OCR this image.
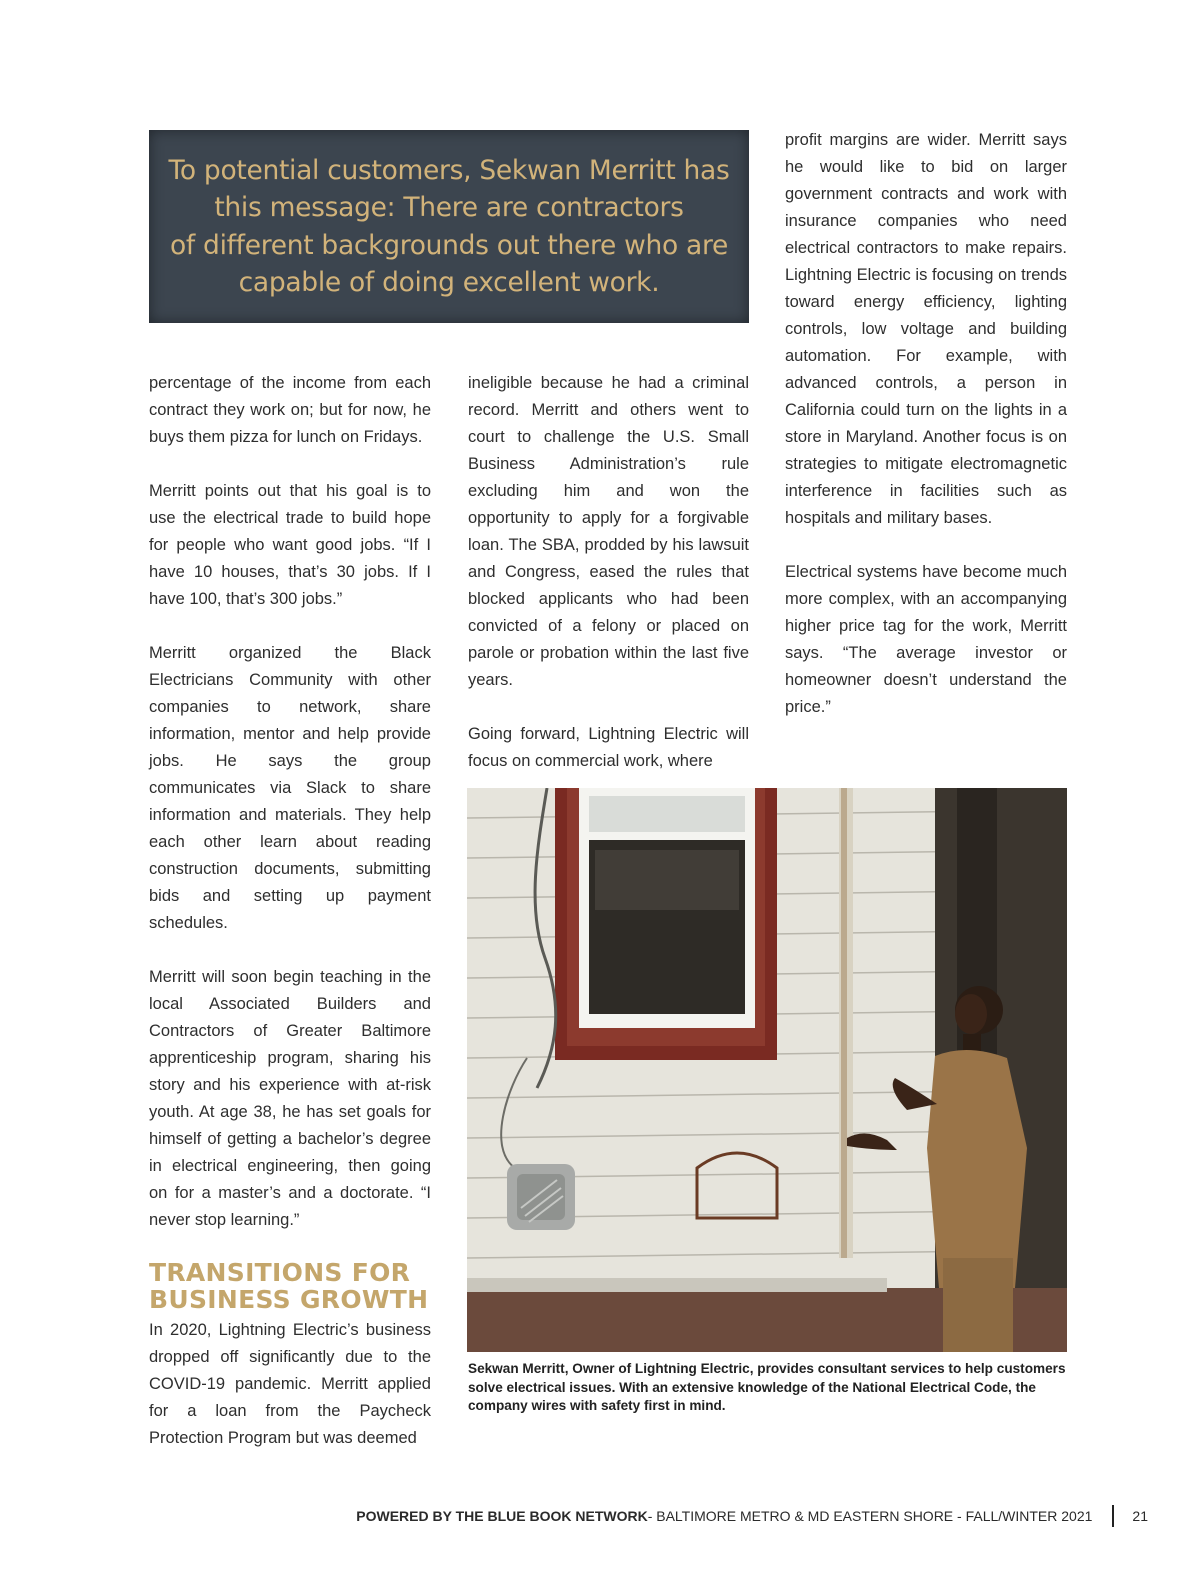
To potential customers, Sekwan Merritt has
this message: There are contractors
of different backgrounds out there who are
capable of doing excellent work.

percentage of the income from each contract they work on; but for now, he buys them pizza for lunch on Fridays.

Merritt points out that his goal is to use the electrical trade to build hope for people who want good jobs. “If I have 10 houses, that’s 30 jobs. If I have 100, that’s 300 jobs.”

Merritt organized the Black Electricians Community with other companies to network, share information, mentor and help provide jobs. He says the group communicates via Slack to share information and materials. They help each other learn about reading construction documents, submitting bids and setting up payment schedules.

Merritt will soon begin teaching in the local Associated Builders and Contractors of Greater Baltimore apprenticeship program, sharing his story and his experience with at-risk youth. At age 38, he has set goals for himself of getting a bachelor’s degree in electrical engineering, then going on for a master’s and a doctorate. “I never stop learning.”

TRANSITIONS FOR
BUSINESS GROWTH

In 2020, Lightning Electric’s business dropped off significantly due to the COVID-19 pandemic. Merritt applied for a loan from the Paycheck Protection Program but was deemed

ineligible because he had a criminal record. Merritt and others went to court to challenge the U.S. Small Business Administration’s rule excluding him and won the opportunity to apply for a forgivable loan. The SBA, prodded by his lawsuit and Congress, eased the rules that blocked applicants who had been convicted of a felony or placed on parole or probation within the last five years.

Going forward, Lightning Electric will focus on commercial work, where

profit margins are wider. Merritt says he would like to bid on larger government contracts and work with insurance companies who need electrical contractors to make repairs. Lightning Electric is focusing on trends toward energy efficiency, lighting controls, low voltage and building automation. For example, with advanced controls, a person in California could turn on the lights in a store in Maryland. Another focus is on strategies to mitigate electromagnetic interference in facilities such as hospitals and military bases.

Electrical systems have become much more complex, with an accompanying higher price tag for the work, Merritt says. “The average investor or homeowner doesn’t understand the price.”

Sekwan Merritt, Owner of Lightning Electric, provides consultant services to help customers solve electrical issues. With an extensive knowledge of the National Electrical Code, the company wires with safety first in mind.
POWERED BY THE BLUE BOOK NETWORK - BALTIMORE METRO & MD EASTERN SHORE - FALL/WINTER 2021	21
